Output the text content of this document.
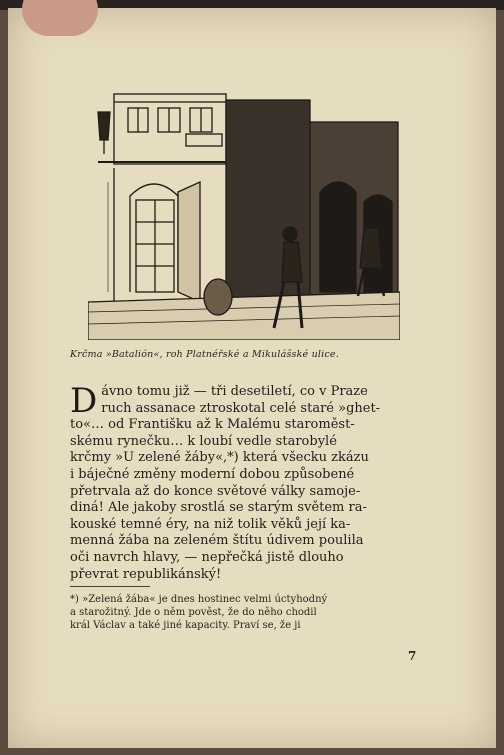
Krčma »Batalión«, roh Platnéřské a Mikulášské ulice.
D ávno tomu již — tři desetiletí, co v Praze
ruch assanace ztroskotal celé staré »ghet-
to«… od Františku až k Malému staroměst-
skému rynečku… k loubí vedle starobylé
krčmy »U zelené žáby«,*) která všecku zkázu
i báječné změny moderní dobou způsobené
přetrvala až do konce světové války samoje-
diná! Ale jakoby srostlá se starým světem ra-
kouské temné éry, na niž tolik věků její ka-
menná žába na zeleném štítu údivem poulila
oči navrch hlavy, — nepřečká jistě dlouho
převrat republikánský!
*) »Zelená žába« je dnes hostinec velmi úctyhodný
a starožitný. Jde o něm pověst, že do něho chodil
král Václav a také jiné kapacity. Praví se, že ji
7
